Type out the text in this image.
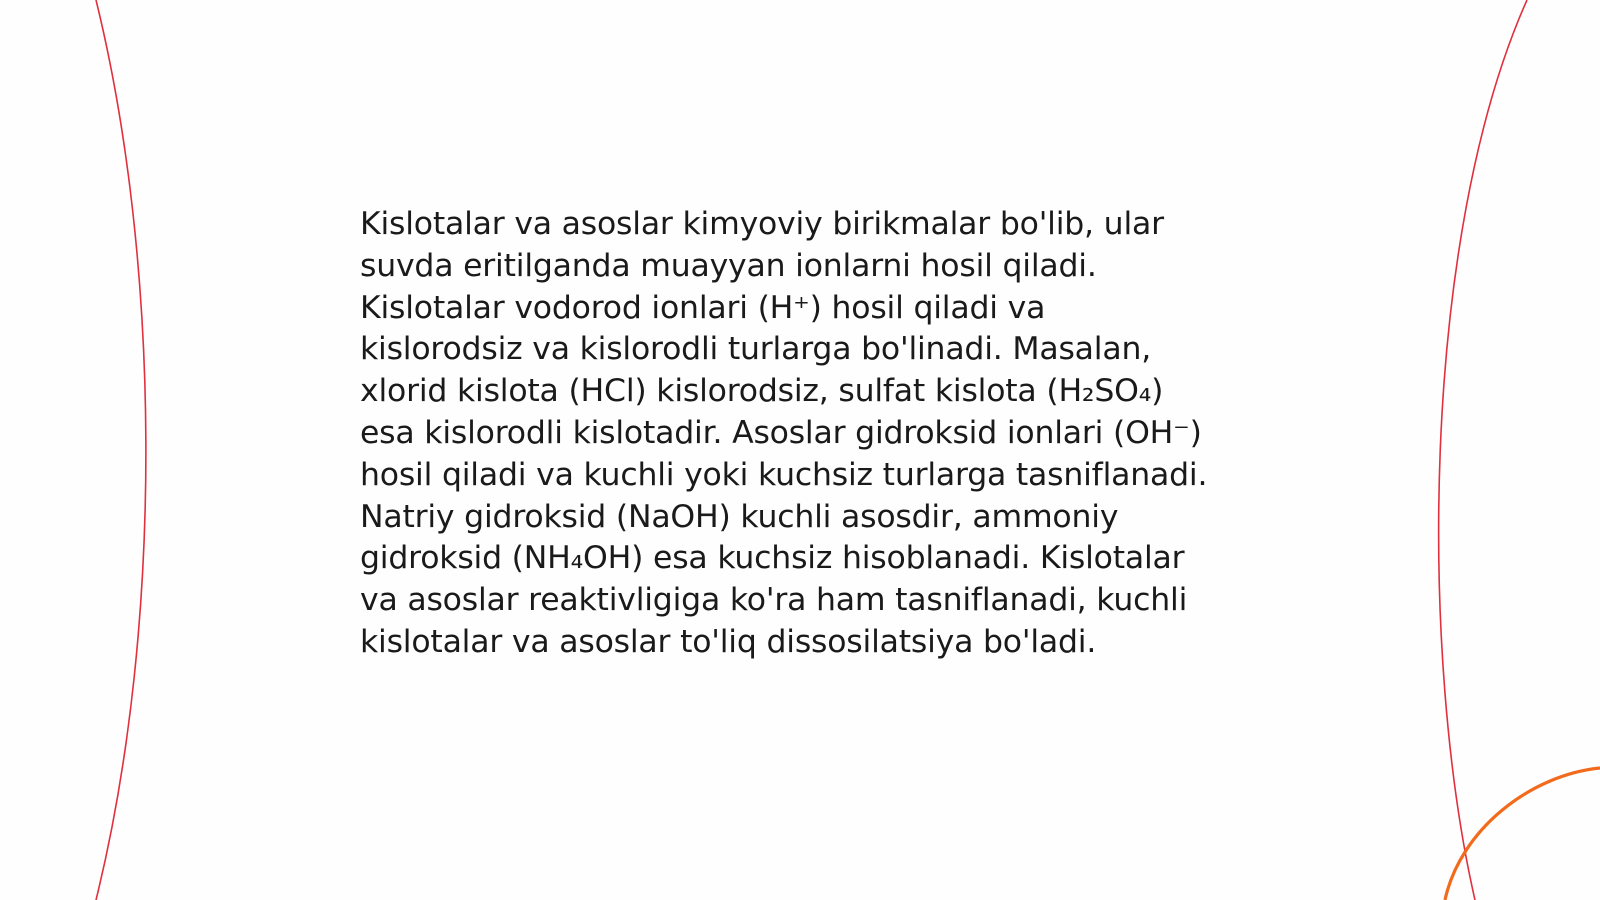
Kislotalar va asoslar kimyoviy birikmalar bo'lib, ular
suvda eritilganda muayyan ionlarni hosil qiladi.
Kislotalar vodorod ionlari (H⁺) hosil qiladi va
kislorodsiz va kislorodli turlarga bo'linadi. Masalan,
xlorid kislota (HCl) kislorodsiz, sulfat kislota (H₂SO₄)
esa kislorodli kislotadir. Asoslar gidroksid ionlari (OH⁻)
hosil qiladi va kuchli yoki kuchsiz turlarga tasniflanadi.
Natriy gidroksid (NaOH) kuchli asosdir, ammoniy
gidroksid (NH₄OH) esa kuchsiz hisoblanadi. Kislotalar
va asoslar reaktivligiga ko'ra ham tasniflanadi, kuchli
kislotalar va asoslar to'liq dissosilatsiya bo'ladi.
